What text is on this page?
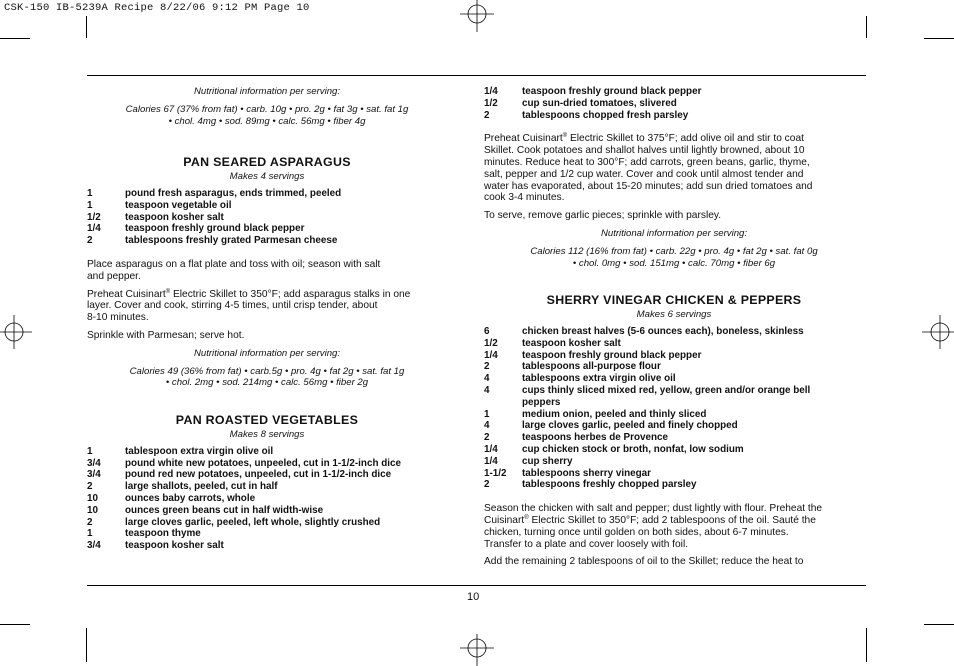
CSK-150 IB-5239A Recipe 8/22/06 9:12 PM Page 10
Nutritional information per serving:
Calories 67 (37% from fat) • carb. 10g • pro. 2g • fat 3g • sat. fat 1g
• chol. 4mg • sod. 89mg • calc. 56mg • fiber 4g
PAN SEARED ASPARAGUS
Makes 4 servings
1	pound fresh asparagus, ends trimmed, peeled
1	teaspoon vegetable oil
1/2	teaspoon kosher salt
1/4	teaspoon freshly ground black pepper
2	tablespoons freshly grated Parmesan cheese

Place asparagus on a flat plate and toss with oil; season with salt
and pepper.

Preheat Cuisinart® Electric Skillet to 350°F; add asparagus stalks in one
layer. Cover and cook, stirring 4-5 times, until crisp tender, about
8-10 minutes.

Sprinkle with Parmesan; serve hot.

Nutritional information per serving:
Calories 49 (36% from fat) • carb.5g • pro. 4g • fat 2g • sat. fat 1g
• chol. 2mg • sod. 214mg • calc. 56mg • fiber 2g
PAN ROASTED VEGETABLES
Makes 8 servings
1	tablespoon extra virgin olive oil
3/4	pound white new potatoes, unpeeled, cut in 1-1/2-inch dice
3/4	pound red new potatoes, unpeeled, cut in 1-1/2-inch dice
2	large shallots, peeled, cut in half
10	ounces baby carrots, whole
10	ounces green beans cut in half width-wise
2	large cloves garlic, peeled, left whole, slightly crushed
1	teaspoon thyme
3/4	teaspoon kosher salt
1/4	teaspoon freshly ground black pepper
1/2	cup sun-dried tomatoes, slivered
2	tablespoons chopped fresh parsley

Preheat Cuisinart® Electric Skillet to 375°F; add olive oil and stir to coat
Skillet. Cook potatoes and shallot halves until lightly browned, about 10
minutes. Reduce heat to 300°F; add carrots, green beans, garlic, thyme,
salt, pepper and 1/2 cup water. Cover and cook until almost tender and
water has evaporated, about 15-20 minutes; add sun dried tomatoes and
cook 3-4 minutes.

To serve, remove garlic pieces; sprinkle with parsley.

Nutritional information per serving:
Calories 112 (16% from fat) • carb. 22g • pro. 4g • fat 2g • sat. fat 0g
• chol. 0mg • sod. 151mg • calc. 70mg • fiber 6g
SHERRY VINEGAR CHICKEN & PEPPERS
Makes 6 servings
6	chicken breast halves (5-6 ounces each), boneless, skinless
1/2	teaspoon kosher salt
1/4	teaspoon freshly ground black pepper
2	tablespoons all-purpose flour
4	tablespoons extra virgin olive oil
4	cups thinly sliced mixed red, yellow, green and/or orange bell peppers
1	medium onion, peeled and thinly sliced
4	large cloves garlic, peeled and finely chopped
2	teaspoons herbes de Provence
1/4	cup chicken stock or broth, nonfat, low sodium
1/4	cup sherry
1-1/2	tablespoons sherry vinegar
2	tablespoons freshly chopped parsley

Season the chicken with salt and pepper; dust lightly with flour. Preheat the
Cuisinart® Electric Skillet to 350°F; add 2 tablespoons of the oil. Sauté the
chicken, turning once until golden on both sides, about 6-7 minutes.
Transfer to a plate and cover loosely with foil.

Add the remaining 2 tablespoons of oil to the Skillet; reduce the heat to

10
